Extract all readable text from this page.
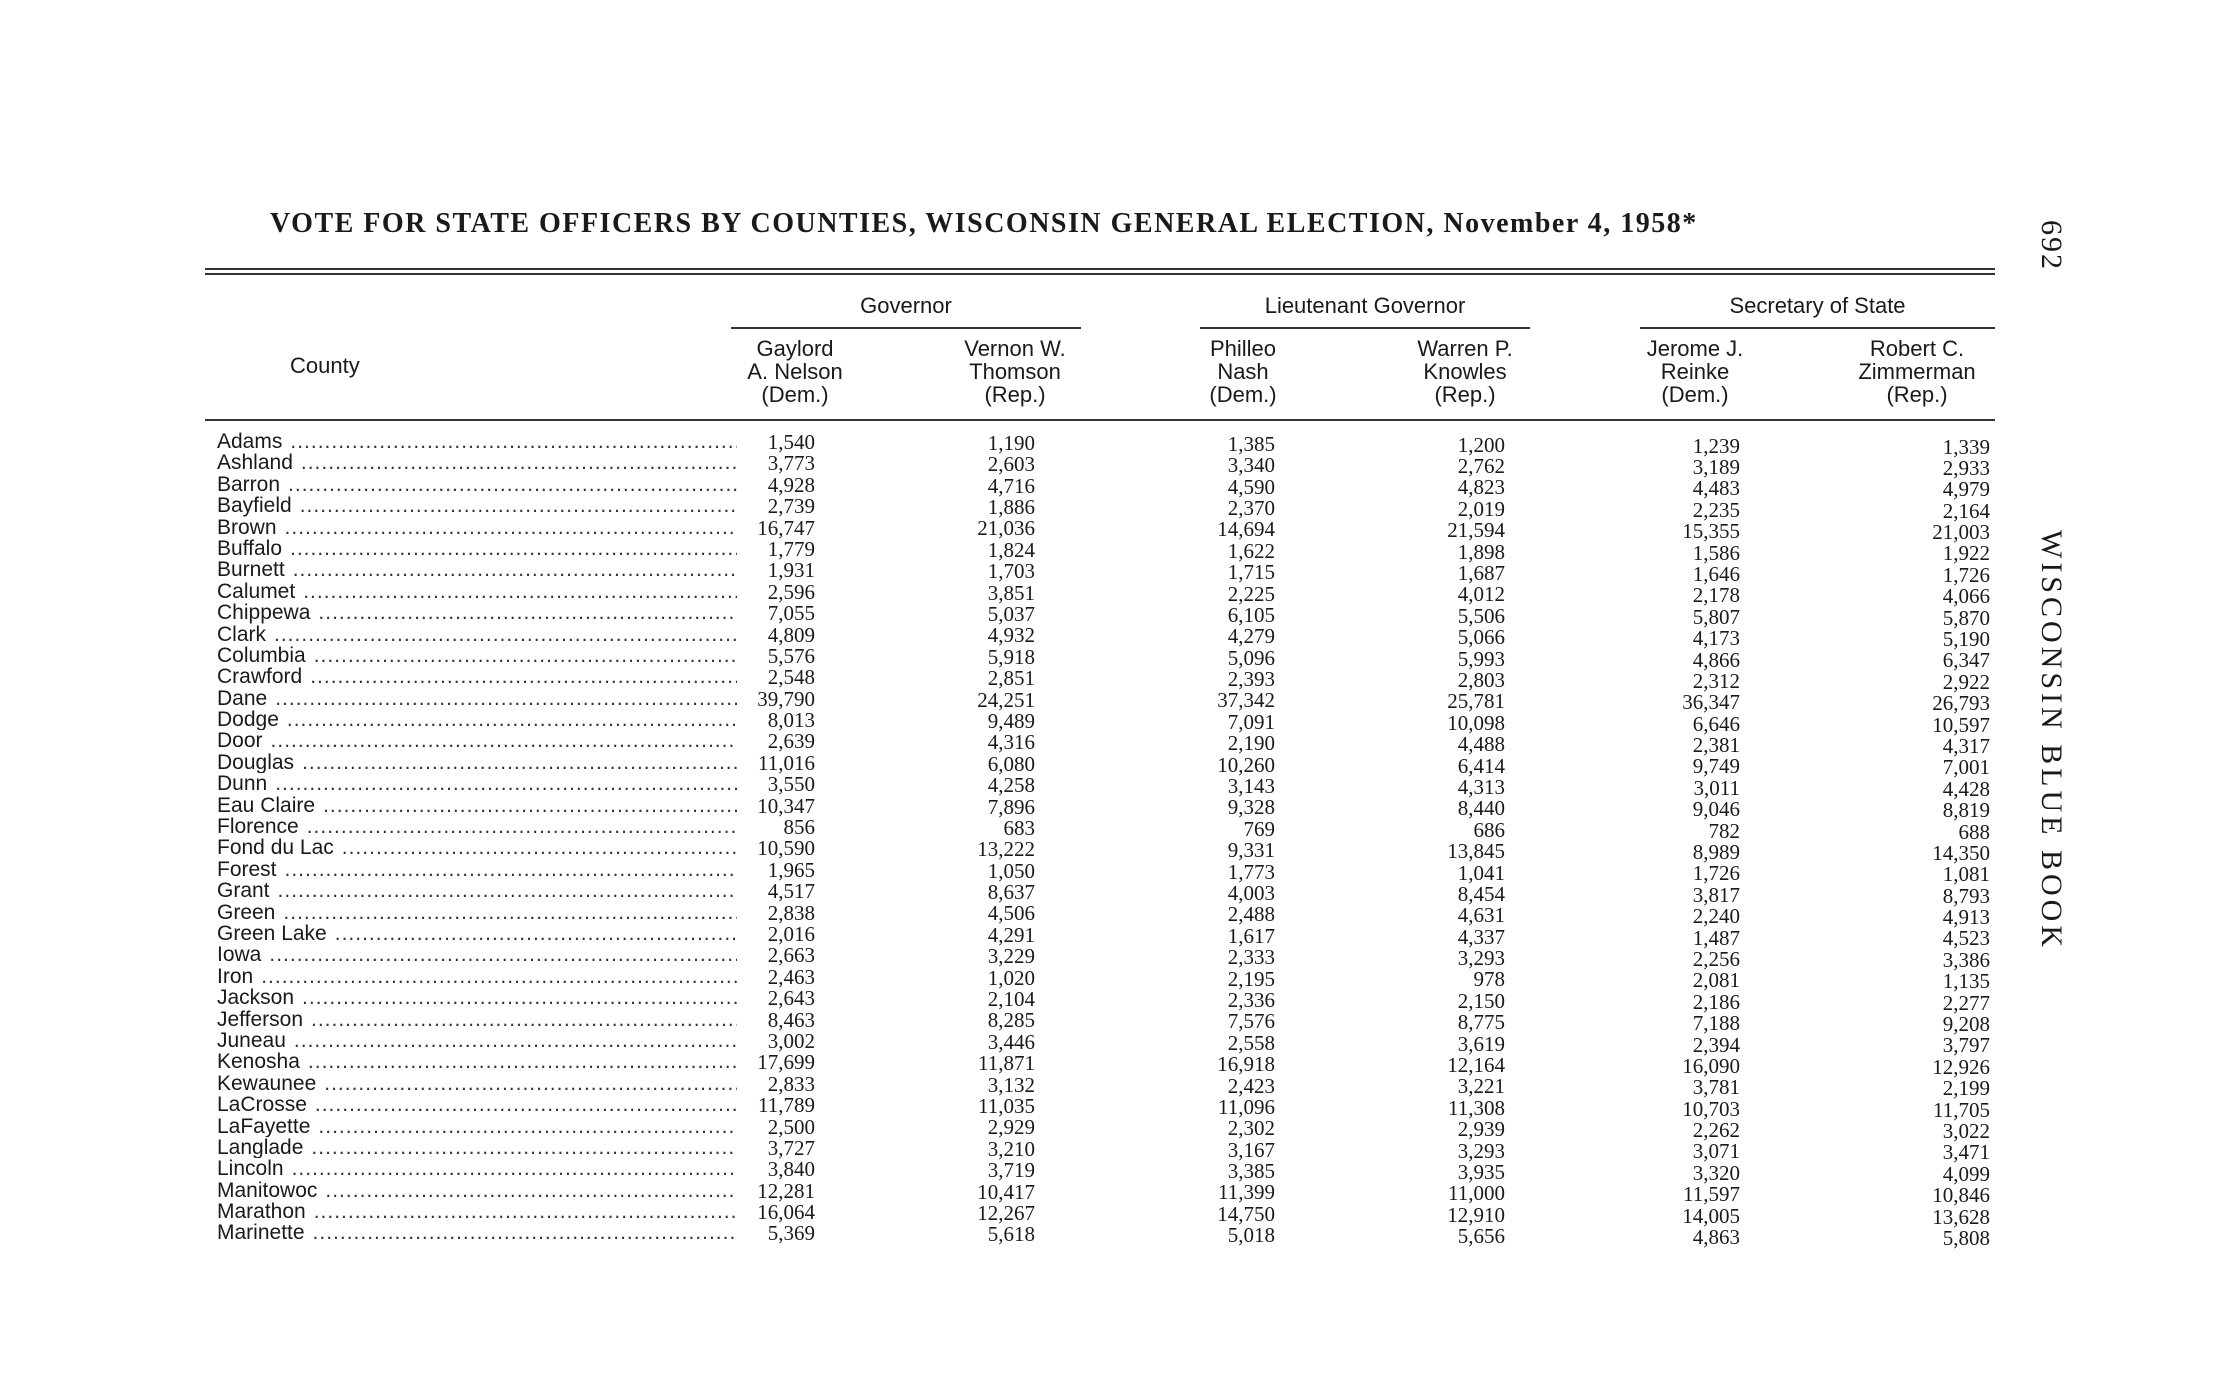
VOTE FOR STATE OFFICERS BY COUNTIES, WISCONSIN GENERAL ELECTION, November 4, 1958*	692
WISCONSIN BLUE BOOK
County
Governor	Lieutenant Governor	Secretary of State
Gaylord
A. Nelson
(Dem.)
Vernon W.
Thomson
(Rep.)
Philleo
Nash
(Dem.)
Warren P.
Knowles
(Rep.)
Jerome J.
Reinke
(Dem.)
Robert C.
Zimmerman
(Rep.)
Adams .....	1,540	1,190	1,385	1,200	1,239	1,339
Ashland .....	3,773	2,603	3,340	2,762	3,189	2,933
Barron .....	4,928	4,716	4,590	4,823	4,483	4,979
Bayfield .....	2,739	1,886	2,370	2,019	2,235	2,164
Brown .....	16,747	21,036	14,694	21,594	15,355	21,003
Buffalo .....	1,779	1,824	1,622	1,898	1,586	1,922
Burnett .....	1,931	1,703	1,715	1,687	1,646	1,726
Calumet .....	2,596	3,851	2,225	4,012	2,178	4,066
Chippewa .....	7,055	5,037	6,105	5,506	5,807	5,870
Clark .....	4,809	4,932	4,279	5,066	4,173	5,190
Columbia .....	5,576	5,918	5,096	5,993	4,866	6,347
Crawford .....	2,548	2,851	2,393	2,803	2,312	2,922
Dane .....	39,790	24,251	37,342	25,781	36,347	26,793
Dodge .....	8,013	9,489	7,091	10,098	6,646	10,597
Door .....	2,639	4,316	2,190	4,488	2,381	4,317
Douglas .....	11,016	6,080	10,260	6,414	9,749	7,001
Dunn .....	3,550	4,258	3,143	4,313	3,011	4,428
Eau Claire .....	10,347	7,896	9,328	8,440	9,046	8,819
Florence .....	856	683	769	686	782	688
Fond du Lac .....	10,590	13,222	9,331	13,845	8,989	14,350
Forest .....	1,965	1,050	1,773	1,041	1,726	1,081
Grant .....	4,517	8,637	4,003	8,454	3,817	8,793
Green .....	2,838	4,506	2,488	4,631	2,240	4,913
Green Lake .....	2,016	4,291	1,617	4,337	1,487	4,523
Iowa .....	2,663	3,229	2,333	3,293	2,256	3,386
Iron .....	2,463	1,020	2,195	978	2,081	1,135
Jackson .....	2,643	2,104	2,336	2,150	2,186	2,277
Jefferson .....	8,463	8,285	7,576	8,775	7,188	9,208
Juneau .....	3,002	3,446	2,558	3,619	2,394	3,797
Kenosha .....	17,699	11,871	16,918	12,164	16,090	12,926
Kewaunee .....	2,833	3,132	2,423	3,221	3,781	2,199
LaCrosse .....	11,789	11,035	11,096	11,308	10,703	11,705
LaFayette .....	2,500	2,929	2,302	2,939	2,262	3,022
Langlade .....	3,727	3,210	3,167	3,293	3,071	3,471
Lincoln .....	3,840	3,719	3,385	3,935	3,320	4,099
Manitowoc .....	12,281	10,417	11,399	11,000	11,597	10,846
Marathon .....	16,064	12,267	14,750	12,910	14,005	13,628
Marinette .....	5,369	5,618	5,018	5,656	4,863	5,808
